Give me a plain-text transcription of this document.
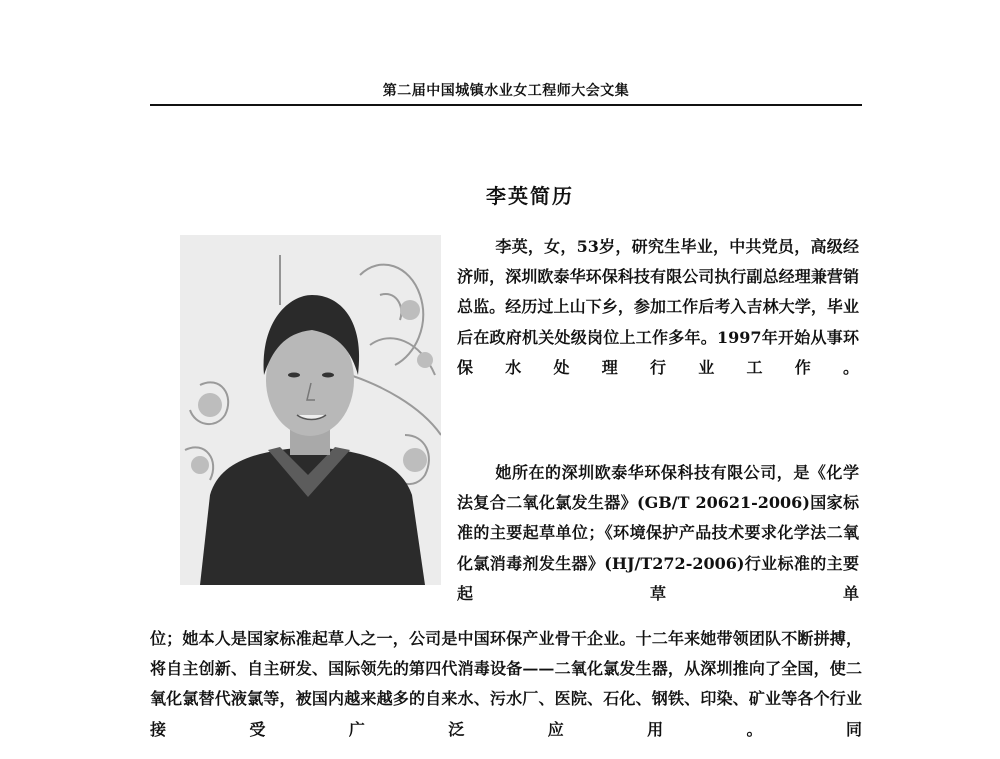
第二届中国城镇水业女工程师大会文集
李英简历

李英，女，53岁，研究生毕业，中共党员，高级经济师，深圳欧泰华环保科技有限公司执行副总经理兼营销总监。经历过上山下乡，参加工作后考入吉林大学，毕业后在政府机关处级岗位上工作多年。1997年开始从事环保水处理行业工作。

她所在的深圳欧泰华环保科技有限公司，是《化学法复合二氧化氯发生器》(GB/T 20621-2006)国家标准的主要起草单位；《环境保护产品技术要求化学法二氧化氯消毒剂发生器》(HJ/T272-2006)行业标准的主要起草单

位；她本人是国家标准起草人之一，公司是中国环保产业骨干企业。十二年来她带领团队不断拼搏，将自主创新、自主研发、国际领先的第四代消毒设备——二氧化氯发生器，从深圳推向了全国，使二氧化氯替代液氯等，被国内越来越多的自来水、污水厂、医院、石化、钢铁、印染、矿业等各个行业接受广泛应用。同
